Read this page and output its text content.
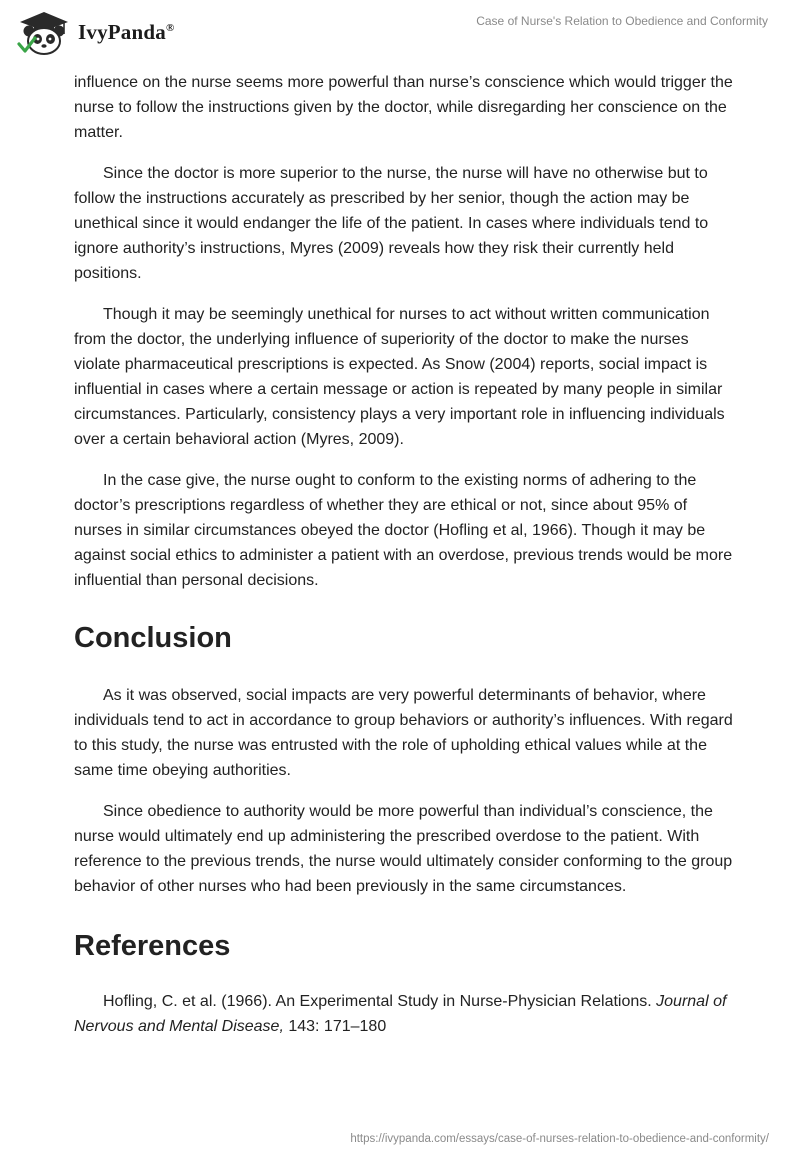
IvyPanda®	Case of Nurse's Relation to Obedience and Conformity

influence on the nurse seems more powerful than nurse’s conscience which would trigger the nurse to follow the instructions given by the doctor, while disregarding her conscience on the matter.

Since the doctor is more superior to the nurse, the nurse will have no otherwise but to follow the instructions accurately as prescribed by her senior, though the action may be unethical since it would endanger the life of the patient. In cases where individuals tend to ignore authority’s instructions, Myres (2009) reveals how they risk their currently held positions.

Though it may be seemingly unethical for nurses to act without written communication from the doctor, the underlying influence of superiority of the doctor to make the nurses violate pharmaceutical prescriptions is expected. As Snow (2004) reports, social impact is influential in cases where a certain message or action is repeated by many people in similar circumstances. Particularly, consistency plays a very important role in influencing individuals over a certain behavioral action (Myres, 2009).

In the case give, the nurse ought to conform to the existing norms of adhering to the doctor’s prescriptions regardless of whether they are ethical or not, since about 95% of nurses in similar circumstances obeyed the doctor (Hofling et al, 1966). Though it may be against social ethics to administer a patient with an overdose, previous trends would be more influential than personal decisions.

Conclusion

As it was observed, social impacts are very powerful determinants of behavior, where individuals tend to act in accordance to group behaviors or authority’s influences. With regard to this study, the nurse was entrusted with the role of upholding ethical values while at the same time obeying authorities.

Since obedience to authority would be more powerful than individual’s conscience, the nurse would ultimately end up administering the prescribed overdose to the patient. With reference to the previous trends, the nurse would ultimately consider conforming to the group behavior of other nurses who had been previously in the same circumstances.

References

Hofling, C. et al. (1966). An Experimental Study in Nurse-Physician Relations. Journal of Nervous and Mental Disease, 143: 171–180

https://ivypanda.com/essays/case-of-nurses-relation-to-obedience-and-conformity/
